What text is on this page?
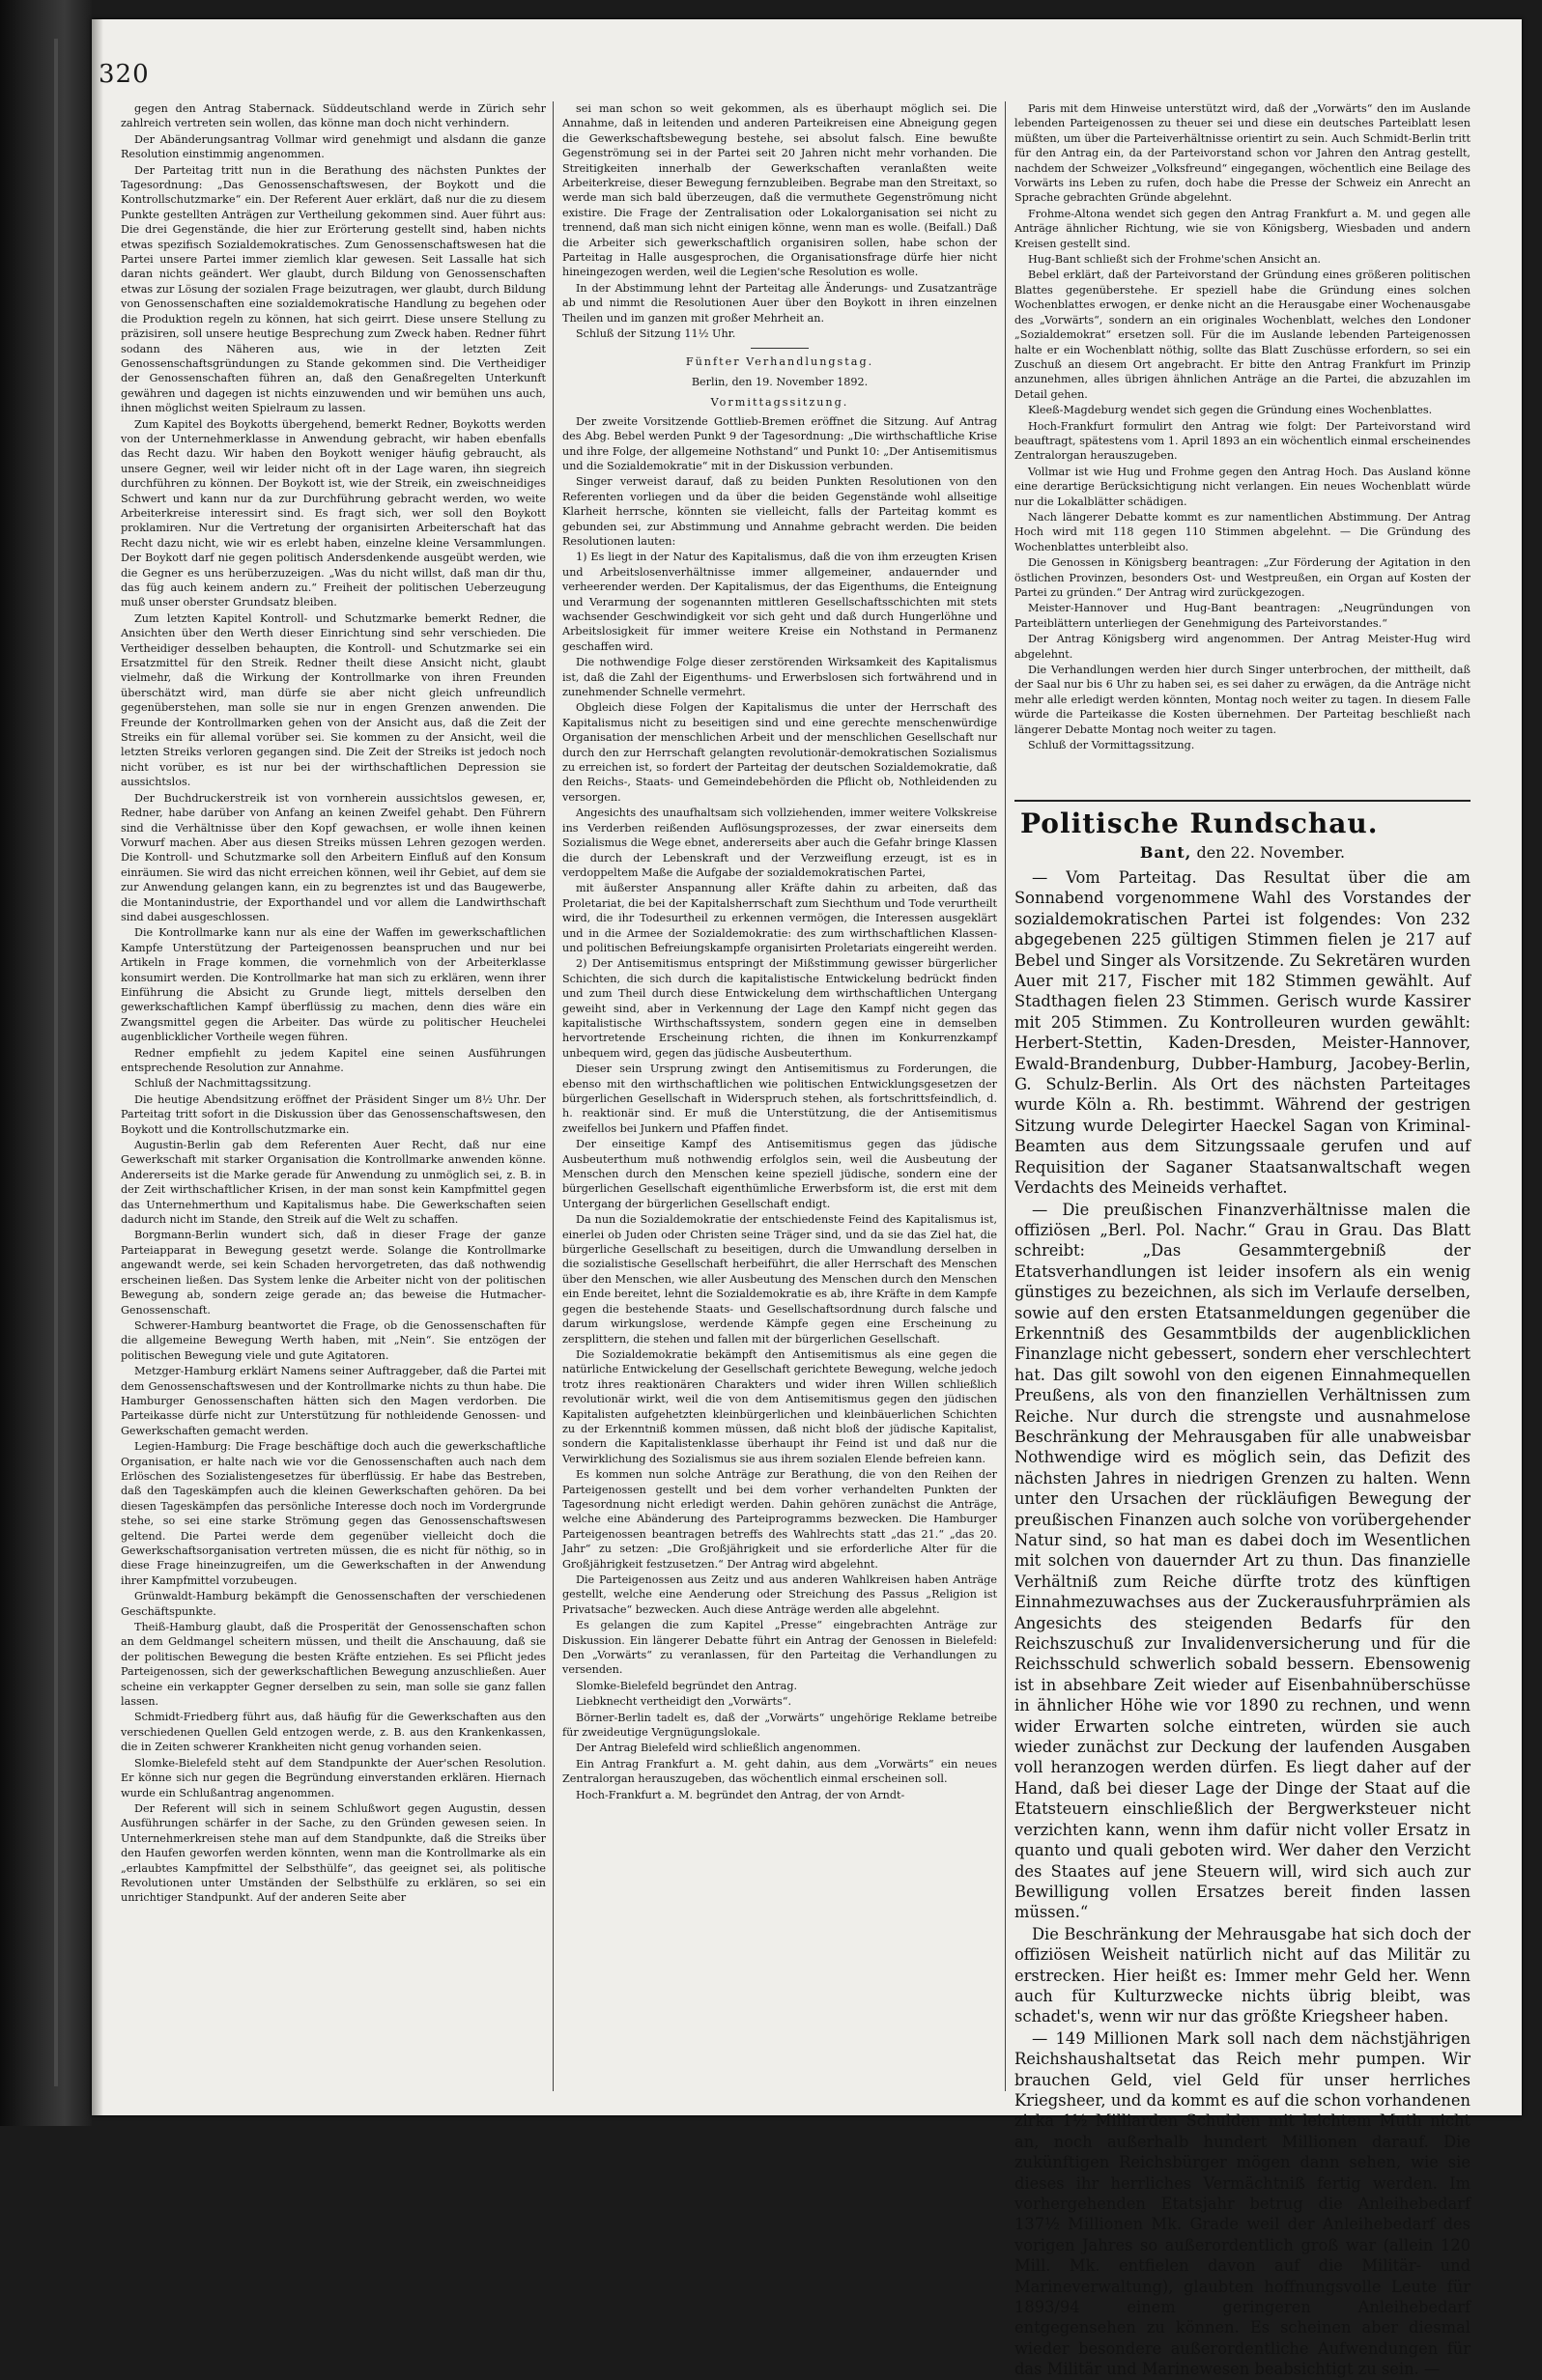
320

gegen den Antrag Stabernack. Süddeutschland werde in Zürich sehr zahlreich vertreten sein wollen, das könne man doch nicht verhindern.

Der Abänderungsantrag Vollmar wird genehmigt und alsdann die ganze Resolution einstimmig angenommen.

Der Parteitag tritt nun in die Berathung des nächsten Punktes der Tagesordnung: „Das Genossenschaftswesen, der Boykott und die Kontrollschutzmarke“ ein. Der Referent Auer erklärt, daß nur die zu diesem Punkte gestellten Anträgen zur Vertheilung gekommen sind. Auer führt aus: Die drei Gegenstände, die hier zur Erörterung gestellt sind, haben nichts etwas spezifisch Sozialdemokratisches. Zum Genossenschaftswesen hat die Partei unsere Partei immer ziemlich klar gewesen. Seit Lassalle hat sich daran nichts geändert. Wer glaubt, durch Bildung von Genossenschaften etwas zur Lösung der sozialen Frage beizutragen, wer glaubt, durch Bildung von Genossenschaften eine sozialdemokratische Handlung zu begehen oder die Produktion regeln zu können, hat sich geirrt. Diese unsere Stellung zu präzisiren, soll unsere heutige Besprechung zum Zweck haben. Redner führt sodann des Näheren aus, wie in der letzten Zeit Genossenschaftsgründungen zu Stande gekommen sind. Die Vertheidiger der Genossenschaften führen an, daß den Genaßregelten Unterkunft gewähren und dagegen ist nichts einzuwenden und wir bemühen uns auch, ihnen möglichst weiten Spielraum zu lassen.

Zum Kapitel des Boykotts übergehend, bemerkt Redner, Boykotts werden von der Unternehmerklasse in Anwendung gebracht, wir haben ebenfalls das Recht dazu. Wir haben den Boykott weniger häufig gebraucht, als unsere Gegner, weil wir leider nicht oft in der Lage waren, ihn siegreich durchführen zu können. Der Boykott ist, wie der Streik, ein zweischneidiges Schwert und kann nur da zur Durchführung gebracht werden, wo weite Arbeiterkreise interessirt sind. Es fragt sich, wer soll den Boykott proklamiren. Nur die Vertretung der organisirten Arbeiterschaft hat das Recht dazu nicht, wie wir es erlebt haben, einzelne kleine Versammlungen. Der Boykott darf nie gegen politisch Andersdenkende ausgeübt werden, wie die Gegner es uns herüberzuzeigen. „Was du nicht willst, daß man dir thu, das füg auch keinem andern zu.“ Freiheit der politischen Ueberzeugung muß unser oberster Grundsatz bleiben.

Zum letzten Kapitel Kontroll- und Schutzmarke bemerkt Redner, die Ansichten über den Werth dieser Einrichtung sind sehr verschieden. Die Vertheidiger desselben behaupten, die Kontroll- und Schutzmarke sei ein Ersatzmittel für den Streik. Redner theilt diese Ansicht nicht, glaubt vielmehr, daß die Wirkung der Kontrollmarke von ihren Freunden überschätzt wird, man dürfe sie aber nicht gleich unfreundlich gegenüberstehen, man solle sie nur in engen Grenzen anwenden. Die Freunde der Kontrollmarken gehen von der Ansicht aus, daß die Zeit der Streiks ein für allemal vorüber sei. Sie kommen zu der Ansicht, weil die letzten Streiks verloren gegangen sind. Die Zeit der Streiks ist jedoch noch nicht vorüber, es ist nur bei der wirthschaftlichen Depression sie aussichtslos.

Der Buchdruckerstreik ist von vornherein aussichtslos gewesen, er, Redner, habe darüber von Anfang an keinen Zweifel gehabt. Den Führern sind die Verhältnisse über den Kopf gewachsen, er wolle ihnen keinen Vorwurf machen. Aber aus diesen Streiks müssen Lehren gezogen werden. Die Kontroll- und Schutzmarke soll den Arbeitern Einfluß auf den Konsum einräumen. Sie wird das nicht erreichen können, weil ihr Gebiet, auf dem sie zur Anwendung gelangen kann, ein zu begrenztes ist und das Baugewerbe, die Montanindustrie, der Exporthandel und vor allem die Landwirthschaft sind dabei ausgeschlossen.

Die Kontrollmarke kann nur als eine der Waffen im gewerkschaftlichen Kampfe Unterstützung der Parteigenossen beanspruchen und nur bei Artikeln in Frage kommen, die vornehmlich von der Arbeiterklasse konsumirt werden. Die Kontrollmarke hat man sich zu erklären, wenn ihrer Einführung die Absicht zu Grunde liegt, mittels derselben den gewerkschaftlichen Kampf überflüssig zu machen, denn dies wäre ein Zwangsmittel gegen die Arbeiter. Das würde zu politischer Heuchelei augenblicklicher Vortheile wegen führen.

Redner empfiehlt zu jedem Kapitel eine seinen Ausführungen entsprechende Resolution zur Annahme.

Schluß der Nachmittagssitzung.

Die heutige Abendsitzung eröffnet der Präsident Singer um 8½ Uhr. Der Parteitag tritt sofort in die Diskussion über das Genossenschaftswesen, den Boykott und die Kontrollschutzmarke ein.

Augustin-Berlin gab dem Referenten Auer Recht, daß nur eine Gewerkschaft mit starker Organisation die Kontrollmarke anwenden könne. Andererseits ist die Marke gerade für Anwendung zu unmöglich sei, z. B. in der Zeit wirthschaftlicher Krisen, in der man sonst kein Kampfmittel gegen das Unternehmerthum und Kapitalismus habe. Die Gewerkschaften seien dadurch nicht im Stande, den Streik auf die Welt zu schaffen.

Borgmann-Berlin wundert sich, daß in dieser Frage der ganze Parteiapparat in Bewegung gesetzt werde. Solange die Kontrollmarke angewandt werde, sei kein Schaden hervorgetreten, das daß nothwendig erscheinen ließen. Das System lenke die Arbeiter nicht von der politischen Bewegung ab, sondern zeige gerade an; das beweise die Hutmacher-Genossenschaft.

Schwerer-Hamburg beantwortet die Frage, ob die Genossenschaften für die allgemeine Bewegung Werth haben, mit „Nein“. Sie entzögen der politischen Bewegung viele und gute Agitatoren.

Metzger-Hamburg erklärt Namens seiner Auftraggeber, daß die Partei mit dem Genossenschaftswesen und der Kontrollmarke nichts zu thun habe. Die Hamburger Genossenschaften hätten sich den Magen verdorben. Die Parteikasse dürfe nicht zur Unterstützung für nothleidende Genossen- und Gewerkschaften gemacht werden.

Legien-Hamburg: Die Frage beschäftige doch auch die gewerkschaftliche Organisation, er halte nach wie vor die Genossenschaften auch nach dem Erlöschen des Sozialistengesetzes für überflüssig. Er habe das Bestreben, daß den Tageskämpfen auch die kleinen Gewerkschaften gehören. Da bei diesen Tageskämpfen das persönliche Interesse doch noch im Vordergrunde stehe, so sei eine starke Strömung gegen das Genossenschaftswesen geltend. Die Partei werde dem gegenüber vielleicht doch die Gewerkschaftsorganisation vertreten müssen, die es nicht für nöthig, so in diese Frage hineinzugreifen, um die Gewerkschaften in der Anwendung ihrer Kampfmittel vorzubeugen.

Grünwaldt-Hamburg bekämpft die Genossenschaften der verschiedenen Geschäftspunkte.

Theiß-Hamburg glaubt, daß die Prosperität der Genossenschaften schon an dem Geldmangel scheitern müssen, und theilt die Anschauung, daß sie der politischen Bewegung die besten Kräfte entziehen. Es sei Pflicht jedes Parteigenossen, sich der gewerkschaftlichen Bewegung anzuschließen. Auer scheine ein verkappter Gegner derselben zu sein, man solle sie ganz fallen lassen.

Schmidt-Friedberg führt aus, daß häufig für die Gewerkschaften aus den verschiedenen Quellen Geld entzogen werde, z. B. aus den Krankenkassen, die in Zeiten schwerer Krankheiten nicht genug vorhanden seien.

Slomke-Bielefeld steht auf dem Standpunkte der Auer'schen Resolution. Er könne sich nur gegen die Begründung einverstanden erklären. Hiernach wurde ein Schlußantrag angenommen.

Der Referent will sich in seinem Schlußwort gegen Augustin, dessen Ausführungen schärfer in der Sache, zu den Gründen gewesen seien. In Unternehmerkreisen stehe man auf dem Standpunkte, daß die Streiks über den Haufen geworfen werden könnten, wenn man die Kontrollmarke als ein „erlaubtes Kampfmittel der Selbsthülfe“, das geeignet sei, als politische Revolutionen unter Umständen der Selbsthülfe zu erklären, so sei ein unrichtiger Standpunkt. Auf der anderen Seite aber

sei man schon so weit gekommen, als es überhaupt möglich sei. Die Annahme, daß in leitenden und anderen Parteikreisen eine Abneigung gegen die Gewerkschaftsbewegung bestehe, sei absolut falsch. Eine bewußte Gegenströmung sei in der Partei seit 20 Jahren nicht mehr vorhanden. Die Streitigkeiten innerhalb der Gewerkschaften veranlaßten weite Arbeiterkreise, dieser Bewegung fernzubleiben. Begrabe man den Streitaxt, so werde man sich bald überzeugen, daß die vermuthete Gegenströmung nicht existire. Die Frage der Zentralisation oder Lokalorganisation sei nicht zu trennend, daß man sich nicht einigen könne, wenn man es wolle. (Beifall.) Daß die Arbeiter sich gewerkschaftlich organisiren sollen, habe schon der Parteitag in Halle ausgesprochen, die Organisationsfrage dürfe hier nicht hineingezogen werden, weil die Legien'sche Resolution es wolle.

In der Abstimmung lehnt der Parteitag alle Änderungs- und Zusatzanträge ab und nimmt die Resolutionen Auer über den Boykott in ihren einzelnen Theilen und im ganzen mit großer Mehrheit an.

Schluß der Sitzung 11½ Uhr.

Fünfter Verhandlungstag.

Berlin, den 19. November 1892.

Vormittagssitzung.

Der zweite Vorsitzende Gottlieb-Bremen eröffnet die Sitzung. Auf Antrag des Abg. Bebel werden Punkt 9 der Tagesordnung: „Die wirthschaftliche Krise und ihre Folge, der allgemeine Nothstand“ und Punkt 10: „Der Antisemitismus und die Sozialdemokratie“ mit in der Diskussion verbunden.

Singer verweist darauf, daß zu beiden Punkten Resolutionen von den Referenten vorliegen und da über die beiden Gegenstände wohl allseitige Klarheit herrsche, könnten sie vielleicht, falls der Parteitag kommt es gebunden sei, zur Abstimmung und Annahme gebracht werden. Die beiden Resolutionen lauten:

1) Es liegt in der Natur des Kapitalismus, daß die von ihm erzeugten Krisen und Arbeitslosenverhältnisse immer allgemeiner, andauernder und verheerender werden. Der Kapitalismus, der das Eigenthums, die Enteignung und Verarmung der sogenannten mittleren Gesellschaftsschichten mit stets wachsender Geschwindigkeit vor sich geht und daß durch Hungerlöhne und Arbeitslosigkeit für immer weitere Kreise ein Nothstand in Permanenz geschaffen wird.

Die nothwendige Folge dieser zerstörenden Wirksamkeit des Kapitalismus ist, daß die Zahl der Eigenthums- und Erwerbslosen sich fortwährend und in zunehmender Schnelle vermehrt.

Obgleich diese Folgen der Kapitalismus die unter der Herrschaft des Kapitalismus nicht zu beseitigen sind und eine gerechte menschenwürdige Organisation der menschlichen Arbeit und der menschlichen Gesellschaft nur durch den zur Herrschaft gelangten revolutionär-demokratischen Sozialismus zu erreichen ist, so fordert der Parteitag der deutschen Sozialdemokratie, daß den Reichs-, Staats- und Gemeindebehörden die Pflicht ob, Nothleidenden zu versorgen.

Angesichts des unaufhaltsam sich vollziehenden, immer weitere Volkskreise ins Verderben reißenden Auflösungsprozesses, der zwar einerseits dem Sozialismus die Wege ebnet, andererseits aber auch die Gefahr bringe Klassen die durch der Lebenskraft und der Verzweiflung erzeugt, ist es in verdoppeltem Maße die Aufgabe der sozialdemokratischen Partei,

mit äußerster Anspannung aller Kräfte dahin zu arbeiten, daß das Proletariat, die bei der Kapitalsherrschaft zum Siechthum und Tode verurtheilt wird, die ihr Todesurtheil zu erkennen vermögen, die Interessen ausgeklärt und in die Armee der Sozialdemokratie: des zum wirthschaftlichen Klassen- und politischen Befreiungskampfe organisirten Proletariats eingereiht werden.

2) Der Antisemitismus entspringt der Mißstimmung gewisser bürgerlicher Schichten, die sich durch die kapitalistische Entwickelung bedrückt finden und zum Theil durch diese Entwickelung dem wirthschaftlichen Untergang geweiht sind, aber in Verkennung der Lage den Kampf nicht gegen das kapitalistische Wirthschaftssystem, sondern gegen eine in demselben hervortretende Erscheinung richten, die ihnen im Konkurrenzkampf unbequem wird, gegen das jüdische Ausbeuterthum.

Dieser sein Ursprung zwingt den Antisemitismus zu Forderungen, die ebenso mit den wirthschaftlichen wie politischen Entwicklungsgesetzen der bürgerlichen Gesellschaft in Widerspruch stehen, als fortschrittsfeindlich, d. h. reaktionär sind. Er muß die Unterstützung, die der Antisemitismus zweifellos bei Junkern und Pfaffen findet.

Der einseitige Kampf des Antisemitismus gegen das jüdische Ausbeuterthum muß nothwendig erfolglos sein, weil die Ausbeutung der Menschen durch den Menschen keine speziell jüdische, sondern eine der bürgerlichen Gesellschaft eigenthümliche Erwerbsform ist, die erst mit dem Untergang der bürgerlichen Gesellschaft endigt.

Da nun die Sozialdemokratie der entschiedenste Feind des Kapitalismus ist, einerlei ob Juden oder Christen seine Träger sind, und da sie das Ziel hat, die bürgerliche Gesellschaft zu beseitigen, durch die Umwandlung derselben in die sozialistische Gesellschaft herbeiführt, die aller Herrschaft des Menschen über den Menschen, wie aller Ausbeutung des Menschen durch den Menschen ein Ende bereitet, lehnt die Sozialdemokratie es ab, ihre Kräfte in dem Kampfe gegen die bestehende Staats- und Gesellschaftsordnung durch falsche und darum wirkungslose, werdende Kämpfe gegen eine Erscheinung zu zersplittern, die stehen und fallen mit der bürgerlichen Gesellschaft.

Die Sozialdemokratie bekämpft den Antisemitismus als eine gegen die natürliche Entwickelung der Gesellschaft gerichtete Bewegung, welche jedoch trotz ihres reaktionären Charakters und wider ihren Willen schließlich revolutionär wirkt, weil die von dem Antisemitismus gegen den jüdischen Kapitalisten aufgehetzten kleinbürgerlichen und kleinbäuerlichen Schichten zu der Erkenntniß kommen müssen, daß nicht bloß der jüdische Kapitalist, sondern die Kapitalistenklasse überhaupt ihr Feind ist und daß nur die Verwirklichung des Sozialismus sie aus ihrem sozialen Elende befreien kann.

Es kommen nun solche Anträge zur Berathung, die von den Reihen der Parteigenossen gestellt und bei dem vorher verhandelten Punkten der Tagesordnung nicht erledigt werden. Dahin gehören zunächst die Anträge, welche eine Abänderung des Parteiprogramms bezwecken. Die Hamburger Parteigenossen beantragen betreffs des Wahlrechts statt „das 21.“ „das 20. Jahr“ zu setzen: „Die Großjährigkeit und sie erforderliche Alter für die Großjährigkeit festzusetzen.“ Der Antrag wird abgelehnt.

Die Parteigenossen aus Zeitz und aus anderen Wahlkreisen haben Anträge gestellt, welche eine Aenderung oder Streichung des Passus „Religion ist Privatsache“ bezwecken. Auch diese Anträge werden alle abgelehnt.

Es gelangen die zum Kapitel „Presse“ eingebrachten Anträge zur Diskussion. Ein längerer Debatte führt ein Antrag der Genossen in Bielefeld: Den „Vorwärts“ zu veranlassen, für den Parteitag die Verhandlungen zu versenden.

Slomke-Bielefeld begründet den Antrag.

Liebknecht vertheidigt den „Vorwärts“.

Börner-Berlin tadelt es, daß der „Vorwärts“ ungehörige Reklame betreibe für zweideutige Vergnügungslokale.

Der Antrag Bielefeld wird schließlich angenommen.

Ein Antrag Frankfurt a. M. geht dahin, aus dem „Vorwärts“ ein neues Zentralorgan herauszugeben, das wöchentlich einmal erscheinen soll.

Hoch-Frankfurt a. M. begründet den Antrag, der von Arndt-

Paris mit dem Hinweise unterstützt wird, daß der „Vorwärts“ den im Auslande lebenden Parteigenossen zu theuer sei und diese ein deutsches Parteiblatt lesen müßten, um über die Parteiverhältnisse orientirt zu sein. Auch Schmidt-Berlin tritt für den Antrag ein, da der Parteivorstand schon vor Jahren den Antrag gestellt, nachdem der Schweizer „Volksfreund“ eingegangen, wöchentlich eine Beilage des Vorwärts ins Leben zu rufen, doch habe die Presse der Schweiz ein Anrecht an Sprache gebrachten Gründe abgelehnt.

Frohme-Altona wendet sich gegen den Antrag Frankfurt a. M. und gegen alle Anträge ähnlicher Richtung, wie sie von Königsberg, Wiesbaden und andern Kreisen gestellt sind.

Hug-Bant schließt sich der Frohme'schen Ansicht an.

Bebel erklärt, daß der Parteivorstand der Gründung eines größeren politischen Blattes gegenüberstehe. Er speziell habe die Gründung eines solchen Wochenblattes erwogen, er denke nicht an die Herausgabe einer Wochenausgabe des „Vorwärts“, sondern an ein originales Wochenblatt, welches den Londoner „Sozialdemokrat“ ersetzen soll. Für die im Auslande lebenden Parteigenossen halte er ein Wochenblatt nöthig, sollte das Blatt Zuschüsse erfordern, so sei ein Zuschuß an diesem Ort angebracht. Er bitte den Antrag Frankfurt im Prinzip anzunehmen, alles übrigen ähnlichen Anträge an die Partei, die abzuzahlen im Detail gehen.

Kleeß-Magdeburg wendet sich gegen die Gründung eines Wochenblattes.

Hoch-Frankfurt formulirt den Antrag wie folgt: Der Parteivorstand wird beauftragt, spätestens vom 1. April 1893 an ein wöchentlich einmal erscheinendes Zentralorgan herauszugeben.

Vollmar ist wie Hug und Frohme gegen den Antrag Hoch. Das Ausland könne eine derartige Berücksichtigung nicht verlangen. Ein neues Wochenblatt würde nur die Lokalblätter schädigen.

Nach längerer Debatte kommt es zur namentlichen Abstimmung. Der Antrag Hoch wird mit 118 gegen 110 Stimmen abgelehnt. — Die Gründung des Wochenblattes unterbleibt also.

Die Genossen in Königsberg beantragen: „Zur Förderung der Agitation in den östlichen Provinzen, besonders Ost- und Westpreußen, ein Organ auf Kosten der Partei zu gründen.“ Der Antrag wird zurückgezogen.

Meister-Hannover und Hug-Bant beantragen: „Neugründungen von Parteiblättern unterliegen der Genehmigung des Parteivorstandes.“

Der Antrag Königsberg wird angenommen. Der Antrag Meister-Hug wird abgelehnt.

Die Verhandlungen werden hier durch Singer unterbrochen, der mittheilt, daß der Saal nur bis 6 Uhr zu haben sei, es sei daher zu erwägen, da die Anträge nicht mehr alle erledigt werden könnten, Montag noch weiter zu tagen. In diesem Falle würde die Parteikasse die Kosten übernehmen. Der Parteitag beschließt nach längerer Debatte Montag noch weiter zu tagen.

Schluß der Vormittagssitzung.

Politische Rundschau.
Bant, den 22. November.

— Vom Parteitag. Das Resultat über die am Sonnabend vorgenommene Wahl des Vorstandes der sozialdemokratischen Partei ist folgendes: Von 232 abgegebenen 225 gültigen Stimmen fielen je 217 auf Bebel und Singer als Vorsitzende. Zu Sekretären wurden Auer mit 217, Fischer mit 182 Stimmen gewählt. Auf Stadthagen fielen 23 Stimmen. Gerisch wurde Kassirer mit 205 Stimmen. Zu Kontrolleuren wurden gewählt: Herbert-Stettin, Kaden-Dresden, Meister-Hannover, Ewald-Brandenburg, Dubber-Hamburg, Jacobey-Berlin, G. Schulz-Berlin. Als Ort des nächsten Parteitages wurde Köln a. Rh. bestimmt. Während der gestrigen Sitzung wurde Delegirter Haeckel Sagan von Kriminal-Beamten aus dem Sitzungssaale gerufen und auf Requisition der Saganer Staatsanwaltschaft wegen Verdachts des Meineids verhaftet.

— Die preußischen Finanzverhältnisse malen die offiziösen „Berl. Pol. Nachr.“ Grau in Grau. Das Blatt schreibt: „Das Gesammtergebniß der Etatsverhandlungen ist leider insofern als ein wenig günstiges zu bezeichnen, als sich im Verlaufe derselben, sowie auf den ersten Etatsanmeldungen gegenüber die Erkenntniß des Gesammtbilds der augenblicklichen Finanzlage nicht gebessert, sondern eher verschlechtert hat. Das gilt sowohl von den eigenen Einnahmequellen Preußens, als von den finanziellen Verhältnissen zum Reiche. Nur durch die strengste und ausnahmelose Beschränkung der Mehrausgaben für alle unabweisbar Nothwendige wird es möglich sein, das Defizit des nächsten Jahres in niedrigen Grenzen zu halten. Wenn unter den Ursachen der rückläufigen Bewegung der preußischen Finanzen auch solche von vorübergehender Natur sind, so hat man es dabei doch im Wesentlichen mit solchen von dauernder Art zu thun. Das finanzielle Verhältniß zum Reiche dürfte trotz des künftigen Einnahmezuwachses aus der Zuckerausfuhrprämien als Angesichts des steigenden Bedarfs für den Reichszuschuß zur Invalidenversicherung und für die Reichsschuld schwerlich sobald bessern. Ebensowenig ist in absehbare Zeit wieder auf Eisenbahnüberschüsse in ähnlicher Höhe wie vor 1890 zu rechnen, und wenn wider Erwarten solche eintreten, würden sie auch wieder zunächst zur Deckung der laufenden Ausgaben voll heranzogen werden dürfen. Es liegt daher auf der Hand, daß bei dieser Lage der Dinge der Staat auf die Etatsteuern einschließlich der Bergwerksteuer nicht verzichten kann, wenn ihm dafür nicht voller Ersatz in quanto und quali geboten wird. Wer daher den Verzicht des Staates auf jene Steuern will, wird sich auch zur Bewilligung vollen Ersatzes bereit finden lassen müssen.“

Die Beschränkung der Mehrausgabe hat sich doch der offiziösen Weisheit natürlich nicht auf das Militär zu erstrecken. Hier heißt es: Immer mehr Geld her. Wenn auch für Kulturzwecke nichts übrig bleibt, was schadet's, wenn wir nur das größte Kriegsheer haben.

— 149 Millionen Mark soll nach dem nächstjährigen Reichshaushaltsetat das Reich mehr pumpen. Wir brauchen Geld, viel Geld für unser herrliches Kriegsheer, und da kommt es auf die schon vorhandenen zirka 1½ Milliarden Schulden mit leichtem Muth nicht an, noch außerhalb hundert Millionen darauf. Die zukünftigen Reichsbürger mögen dann sehen, wie sie dieses ihr herrliches Vermächtniß fertig werden. Im vorhergehenden Etatsjahr betrug die Anleihebedarf 137½ Millionen Mk. Grade weil der Anleihebedarf des vorigen Jahres so außerordentlich groß war (allein 120 Mill. Mk. entfielen davon auf die Militär- und Marineverwaltung), glaubten hoffnungsvolle Leute für 1893/94 einem geringeren Anleihebedarf entgegensehen zu können. Es scheinen aber diesmal wieder besondere außerordentliche Aufwendungen für das Militär und Marinewesen beabsichtigt zu sein. —
